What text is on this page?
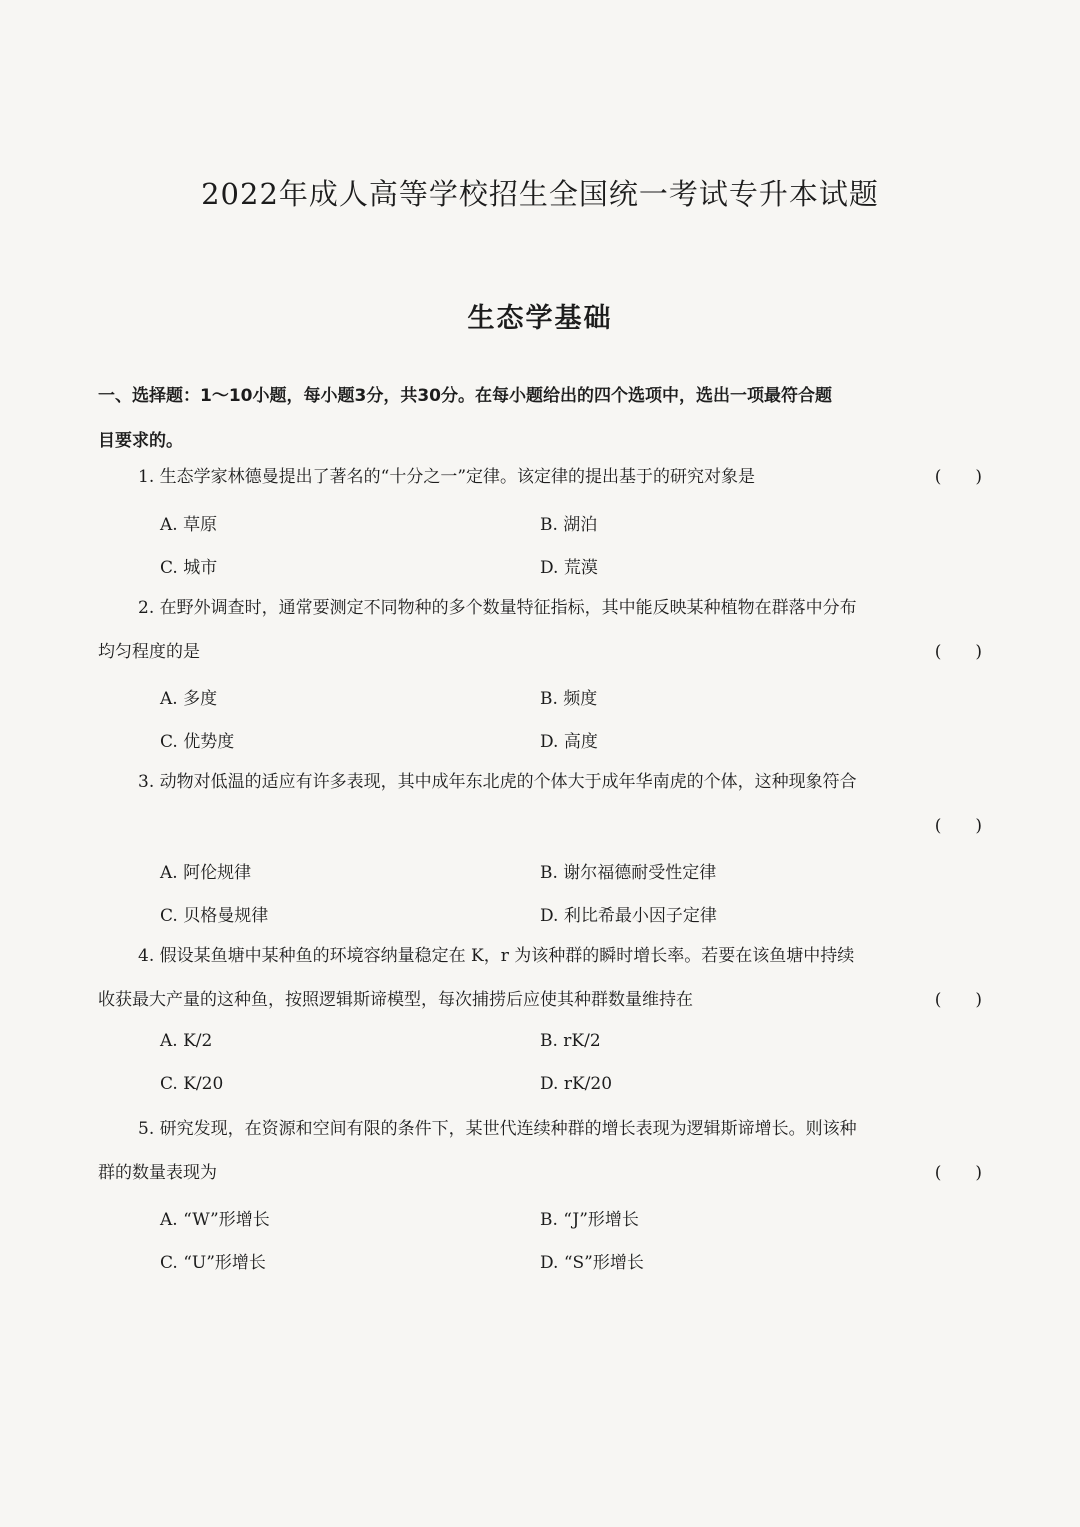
2022年成人高等学校招生全国统一考试专升本试题
生态学基础
一、选择题：1～10小题，每小题3分，共30分。在每小题给出的四个选项中，选出一项最符合题
目要求的。
1. 生态学家林德曼提出了著名的“十分之一”定律。该定律的提出基于的研究对象是	(　　)
A. 草原	B. 湖泊
C. 城市	D. 荒漠
2. 在野外调查时，通常要测定不同物种的多个数量特征指标，其中能反映某种植物在群落中分布
均匀程度的是	(　　)
A. 多度	B. 频度
C. 优势度	D. 高度
3. 动物对低温的适应有许多表现，其中成年东北虎的个体大于成年华南虎的个体，这种现象符合
(　　)
A. 阿伦规律	B. 谢尔福德耐受性定律
C. 贝格曼规律	D. 利比希最小因子定律
4. 假设某鱼塘中某种鱼的环境容纳量稳定在 K，r 为该种群的瞬时增长率。若要在该鱼塘中持续
收获最大产量的这种鱼，按照逻辑斯谛模型，每次捕捞后应使其种群数量维持在	(　　)
A. K/2	B. rK/2
C. K/20	D. rK/20
5. 研究发现，在资源和空间有限的条件下，某世代连续种群的增长表现为逻辑斯谛增长。则该种
群的数量表现为	(　　)
A. “W”形增长	B. “J”形增长
C. “U”形增长	D. “S”形增长
